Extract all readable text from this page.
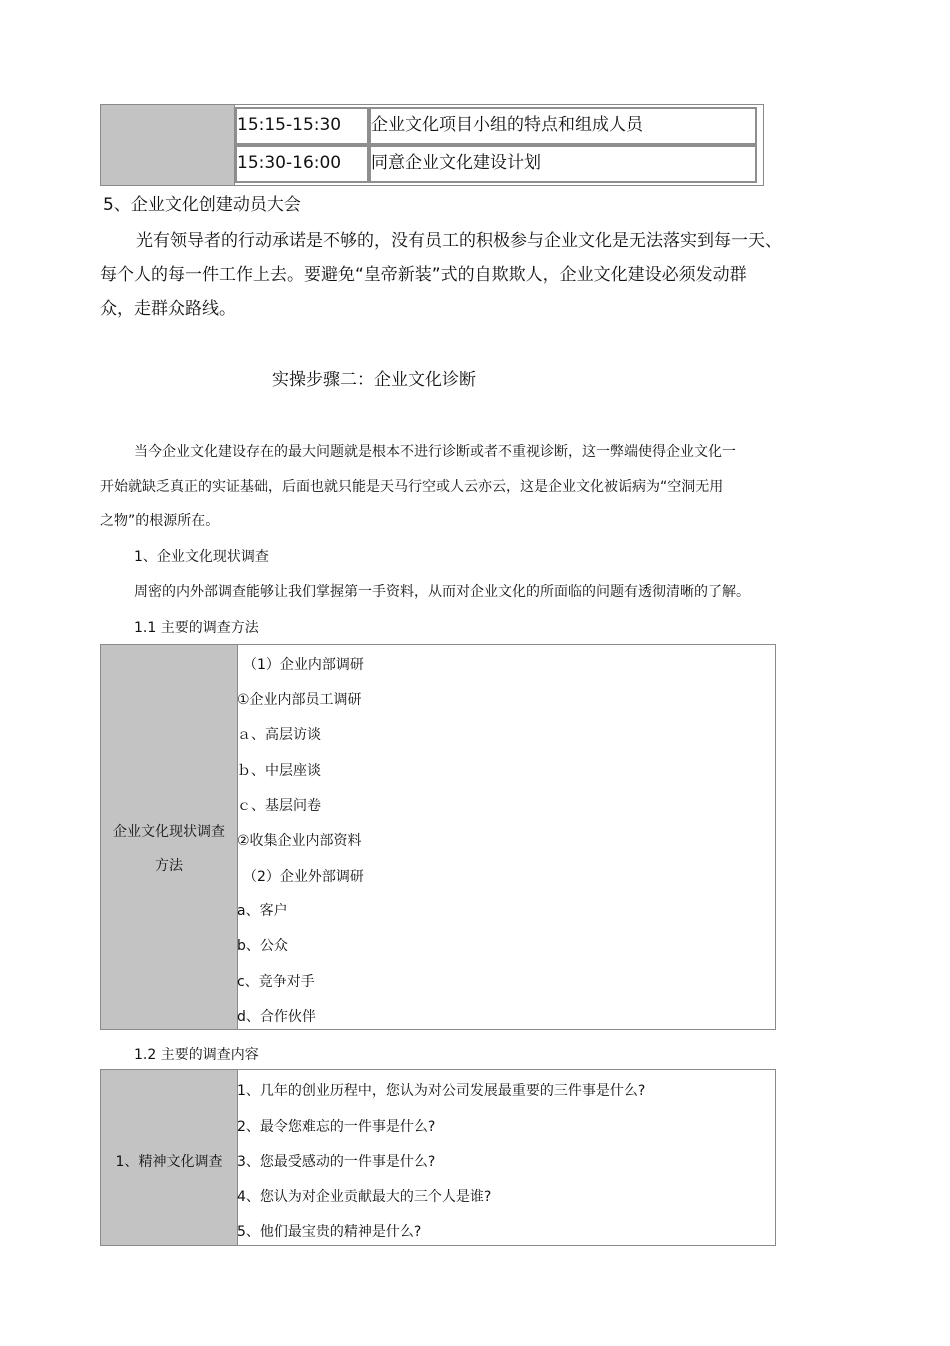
15:15-15:30	企业文化项目小组的特点和组成人员
15:30-16:00	同意企业文化建设计划
5、企业文化创建动员大会
光有领导者的行动承诺是不够的，没有员工的积极参与企业文化是无法落实到每一天、
每个人的每一件工作上去。要避免“皇帝新装”式的自欺欺人，企业文化建设必须发动群
众，走群众路线。
实操步骤二：企业文化诊断
当今企业文化建设存在的最大问题就是根本不进行诊断或者不重视诊断，这一弊端使得企业文化一
开始就缺乏真正的实证基础，后面也就只能是天马行空或人云亦云，这是企业文化被诟病为“空洞无用
之物”的根源所在。
1、企业文化现状调查
周密的内外部调查能够让我们掌握第一手资料，从而对企业文化的所面临的问题有透彻清晰的了解。
1.1 主要的调查方法
企业文化现状调查
方法
（1）企业内部调研
①企业内部员工调研
ａ、高层访谈
ｂ、中层座谈
ｃ、基层问卷
②收集企业内部资料
（2）企业外部调研
a、客户
b、公众
c、竞争对手
d、合作伙伴
1.2 主要的调查内容
1、精神文化调查
1、几年的创业历程中，您认为对公司发展最重要的三件事是什么?
2、最令您难忘的一件事是什么?
3、您最受感动的一件事是什么?
4、您认为对企业贡献最大的三个人是谁?
5、他们最宝贵的精神是什么?
